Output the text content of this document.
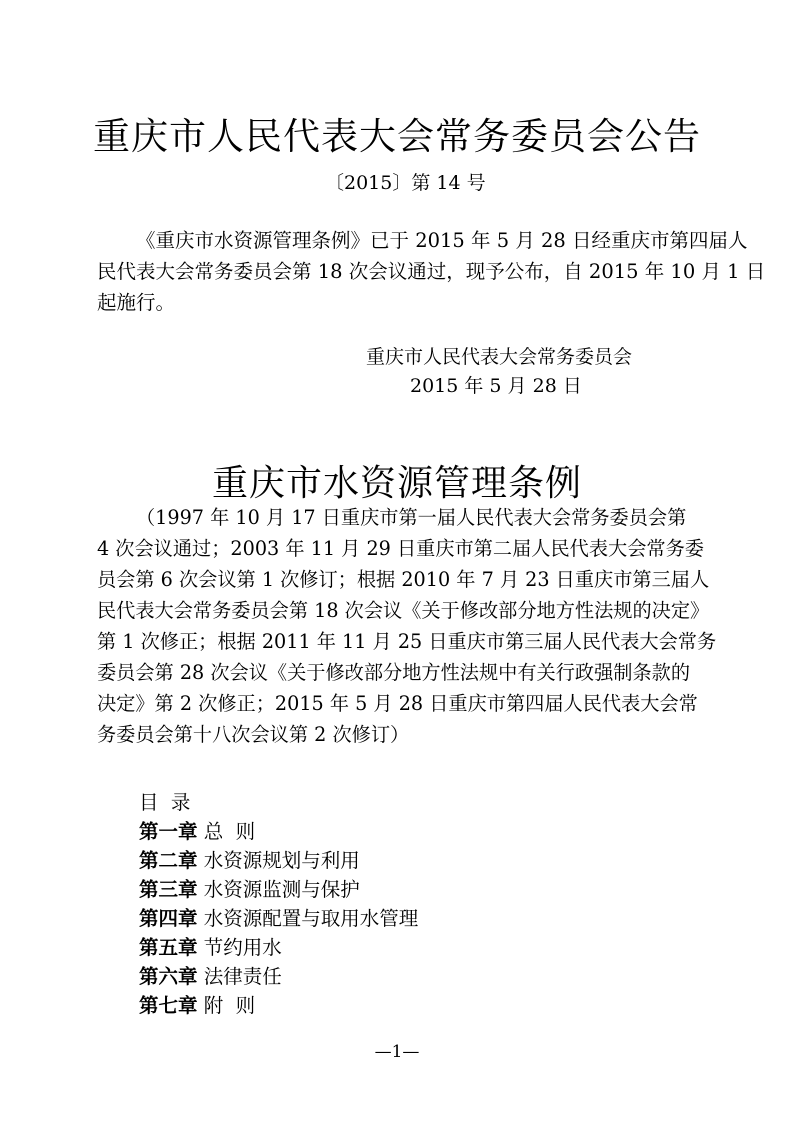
重庆市人民代表大会常务委员会公告
〔2015〕第 14 号
《重庆市水资源管理条例》已于 2015 年 5 月 28 日经重庆市第四届人
民代表大会常务委员会第 18 次会议通过，现予公布，自 2015 年 10 月 1 日
起施行。
重庆市人民代表大会常务委员会
2015 年 5 月 28 日
重庆市水资源管理条例
（1997 年 10 月 17 日重庆市第一届人民代表大会常务委员会第
4 次会议通过；2003 年 11 月 29 日重庆市第二届人民代表大会常务委
员会第 6 次会议第 1 次修订；根据 2010 年 7 月 23 日重庆市第三届人
民代表大会常务委员会第 18 次会议《关于修改部分地方性法规的决定》
第 1 次修正；根据 2011 年 11 月 25 日重庆市第三届人民代表大会常务
委员会第 28 次会议《关于修改部分地方性法规中有关行政强制条款的
决定》第 2 次修正；2015 年 5 月 28 日重庆市第四届人民代表大会常
务委员会第十八次会议第 2 次修订）
目  录
第一章 总  则
第二章 水资源规划与利用
第三章 水资源监测与保护
第四章 水资源配置与取用水管理
第五章 节约用水
第六章 法律责任
第七章 附  则
—1—
